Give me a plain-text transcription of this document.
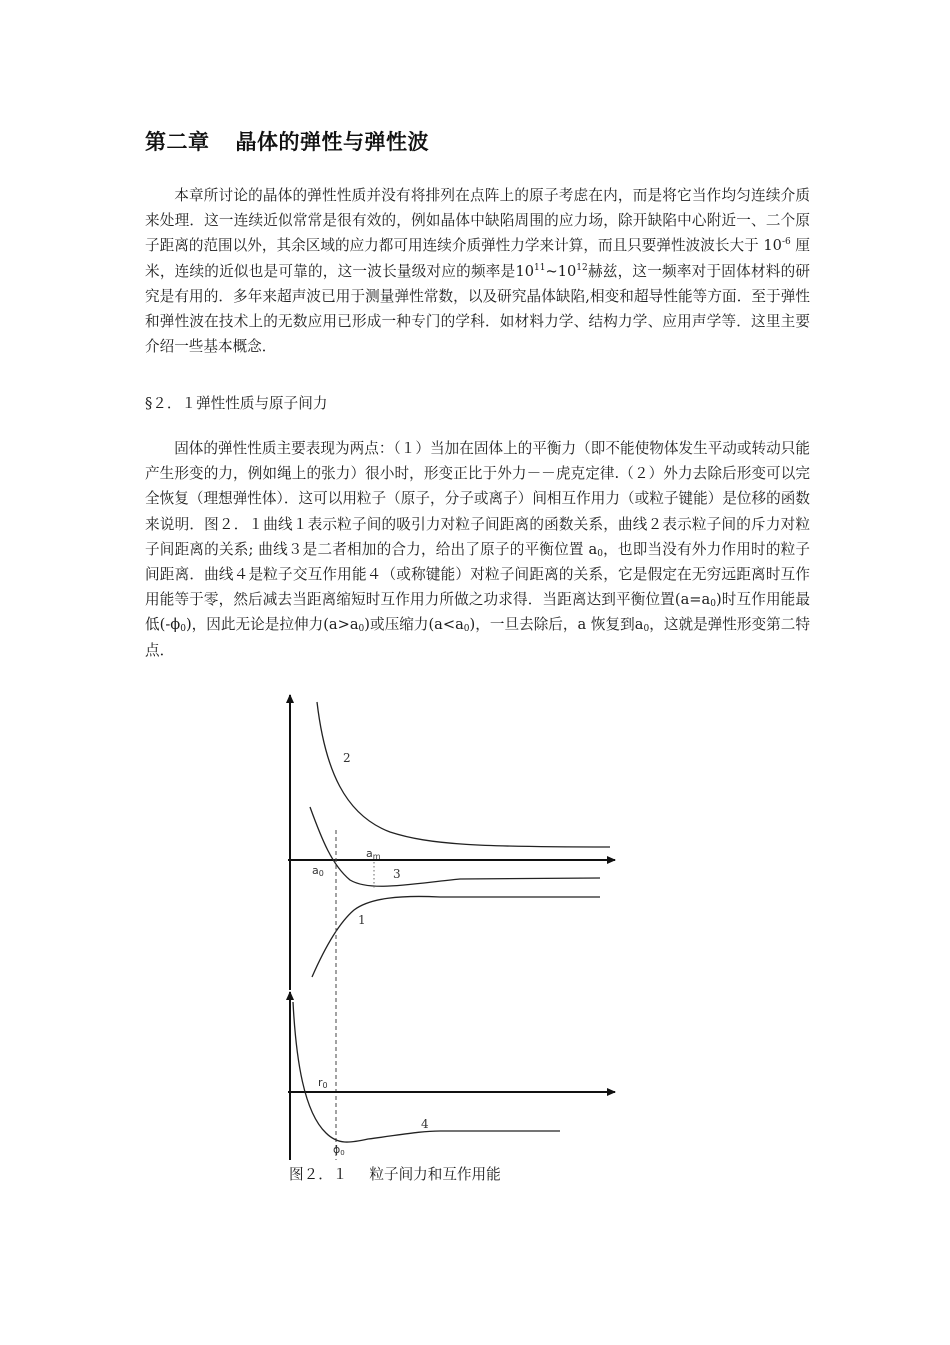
第二章 晶体的弹性与弹性波

本章所讨论的晶体的弹性性质并没有将排列在点阵上的原子考虑在内，而是将它当作均匀连续介质来处理．这一连续近似常常是很有效的，例如晶体中缺陷周围的应力场，除开缺陷中心附近一、二个原子距离的范围以外，其余区域的应力都可用连续介质弹性力学来计算，而且只要弹性波波长大于 $10^{-6}$ 厘米，连续的近似也是可靠的，这一波长量级对应的频率是$10^{11}\sim 10^{12}$赫兹，这一频率对于固体材料的研究是有用的．多年来超声波已用于测量弹性常数，以及研究晶体缺陷,相变和超导性能等方面．至于弹性和弹性波在技术上的无数应用已形成一种专门的学科．如材料力学、结构力学、应用声学等．这里主要介绍一些基本概念．

§２．１弹性性质与原子间力

固体的弹性性质主要表现为两点：（１）当加在固体上的平衡力（即不能使物体发生平动或转动只能产生形变的力，例如绳上的张力）很小时，形变正比于外力－－虎克定律.（２）外力去除后形变可以完全恢复（理想弹性体）．这可以用粒子（原子，分子或离子）间相互作用力（或粒子键能）是位移的函数来说明．图２．１曲线１表示粒子间的吸引力对粒子间距离的函数关系，曲线２表示粒子间的斥力对粒子间距离的关系; 曲线３是二者相加的合力，给出了原子的平衡位置 $a_0$，也即当没有外力作用时的粒子间距离．曲线４是粒子交互作用能４（或称键能）对粒子间距离的关系，它是假定在无穷远距离时互作用能等于零，然后减去当距离缩短时互作用力所做之功求得．当距离达到平衡位置$(a=a_0)$时互作用能最低$(-\phi_0)$，因此无论是拉伸力$(a>a_0)$或压缩力$(a<a_0)$，一旦去除后，a 恢复到$a_0$，这就是弹性形变第二特点．

2
am
a0	3
1
r0
4
ϕ0

图２．１ 粒子间力和互作用能
